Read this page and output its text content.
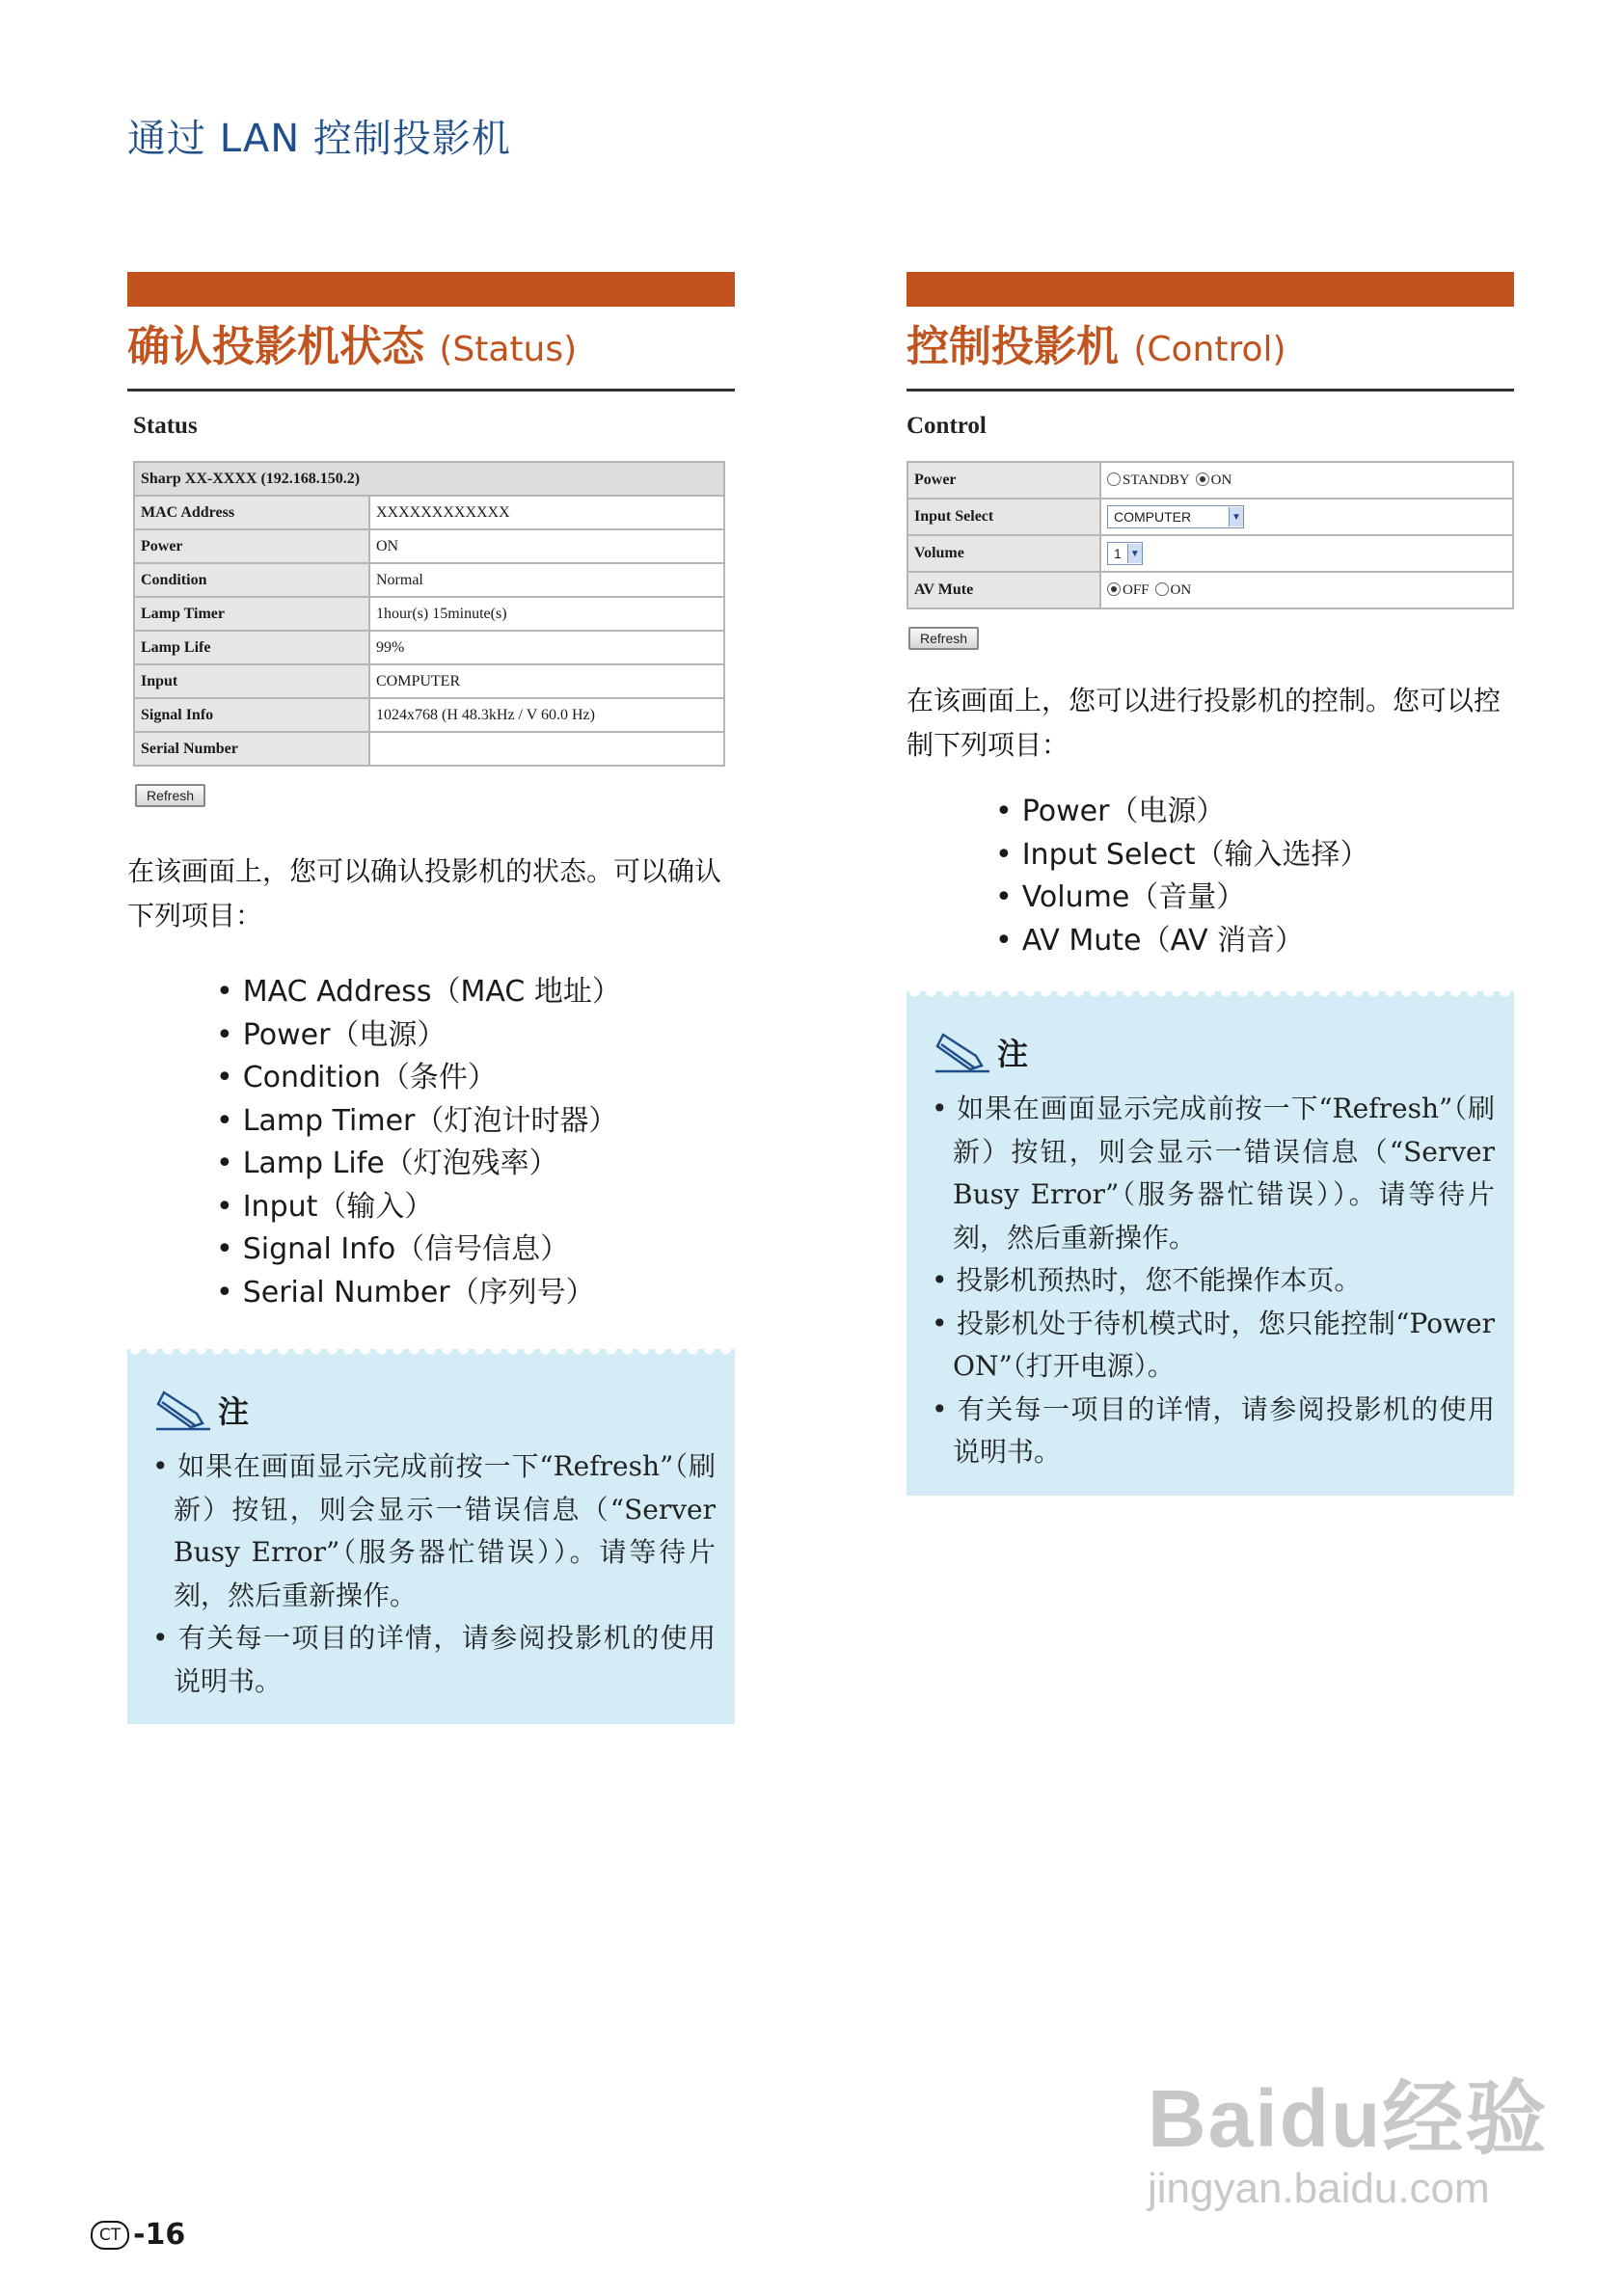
通过 LAN 控制投影机
确认投影机状态 (Status)
Status
Sharp XX-XXXX (192.168.150.2)	
MAC Address	XXXXXXXXXXXX
Power	ON
Condition	Normal
Lamp Timer	1hour(s) 15minute(s)
Lamp Life	99%
Input	COMPUTER
Signal Info	1024x768 (H 48.3kHz / V 60.0 Hz)
Serial Number	
Refresh
在该画面上，您可以确认投影机的状态。可以确认下列项目：
• MAC Address（MAC 地址）
• Power（电源）
• Condition（条件）
• Lamp Timer（灯泡计时器）
• Lamp Life（灯泡残率）
• Input（输入）
• Signal Info（信号信息）
• Serial Number（序列号）
注
• 如果在画面显示完成前按一下“Refresh”（刷新）按钮，则会显示一错误信息（“Server Busy Error”（服务器忙错误））。请等待片刻，然后重新操作。
• 有关每一项目的详情，请参阅投影机的使用说明书。
控制投影机 (Control)
Control
Power	STANDBY ON
Input Select	COMPUTER ▼

Volume	1 ▼

AV Mute	OFF ON
Refresh
在该画面上，您可以进行投影机的控制。您可以控制下列项目：
• Power（电源）
• Input Select（输入选择）
• Volume（音量）
• AV Mute（AV 消音）
注
• 如果在画面显示完成前按一下“Refresh”（刷新）按钮，则会显示一错误信息（“Server Busy Error”（服务器忙错误））。请等待片刻，然后重新操作。
• 投影机预热时，您不能操作本页。
• 投影机处于待机模式时，您只能控制“Power ON”（打开电源）。
• 有关每一项目的详情，请参阅投影机的使用说明书。
CT -16
Baidu经验
jingyan.baidu.com
